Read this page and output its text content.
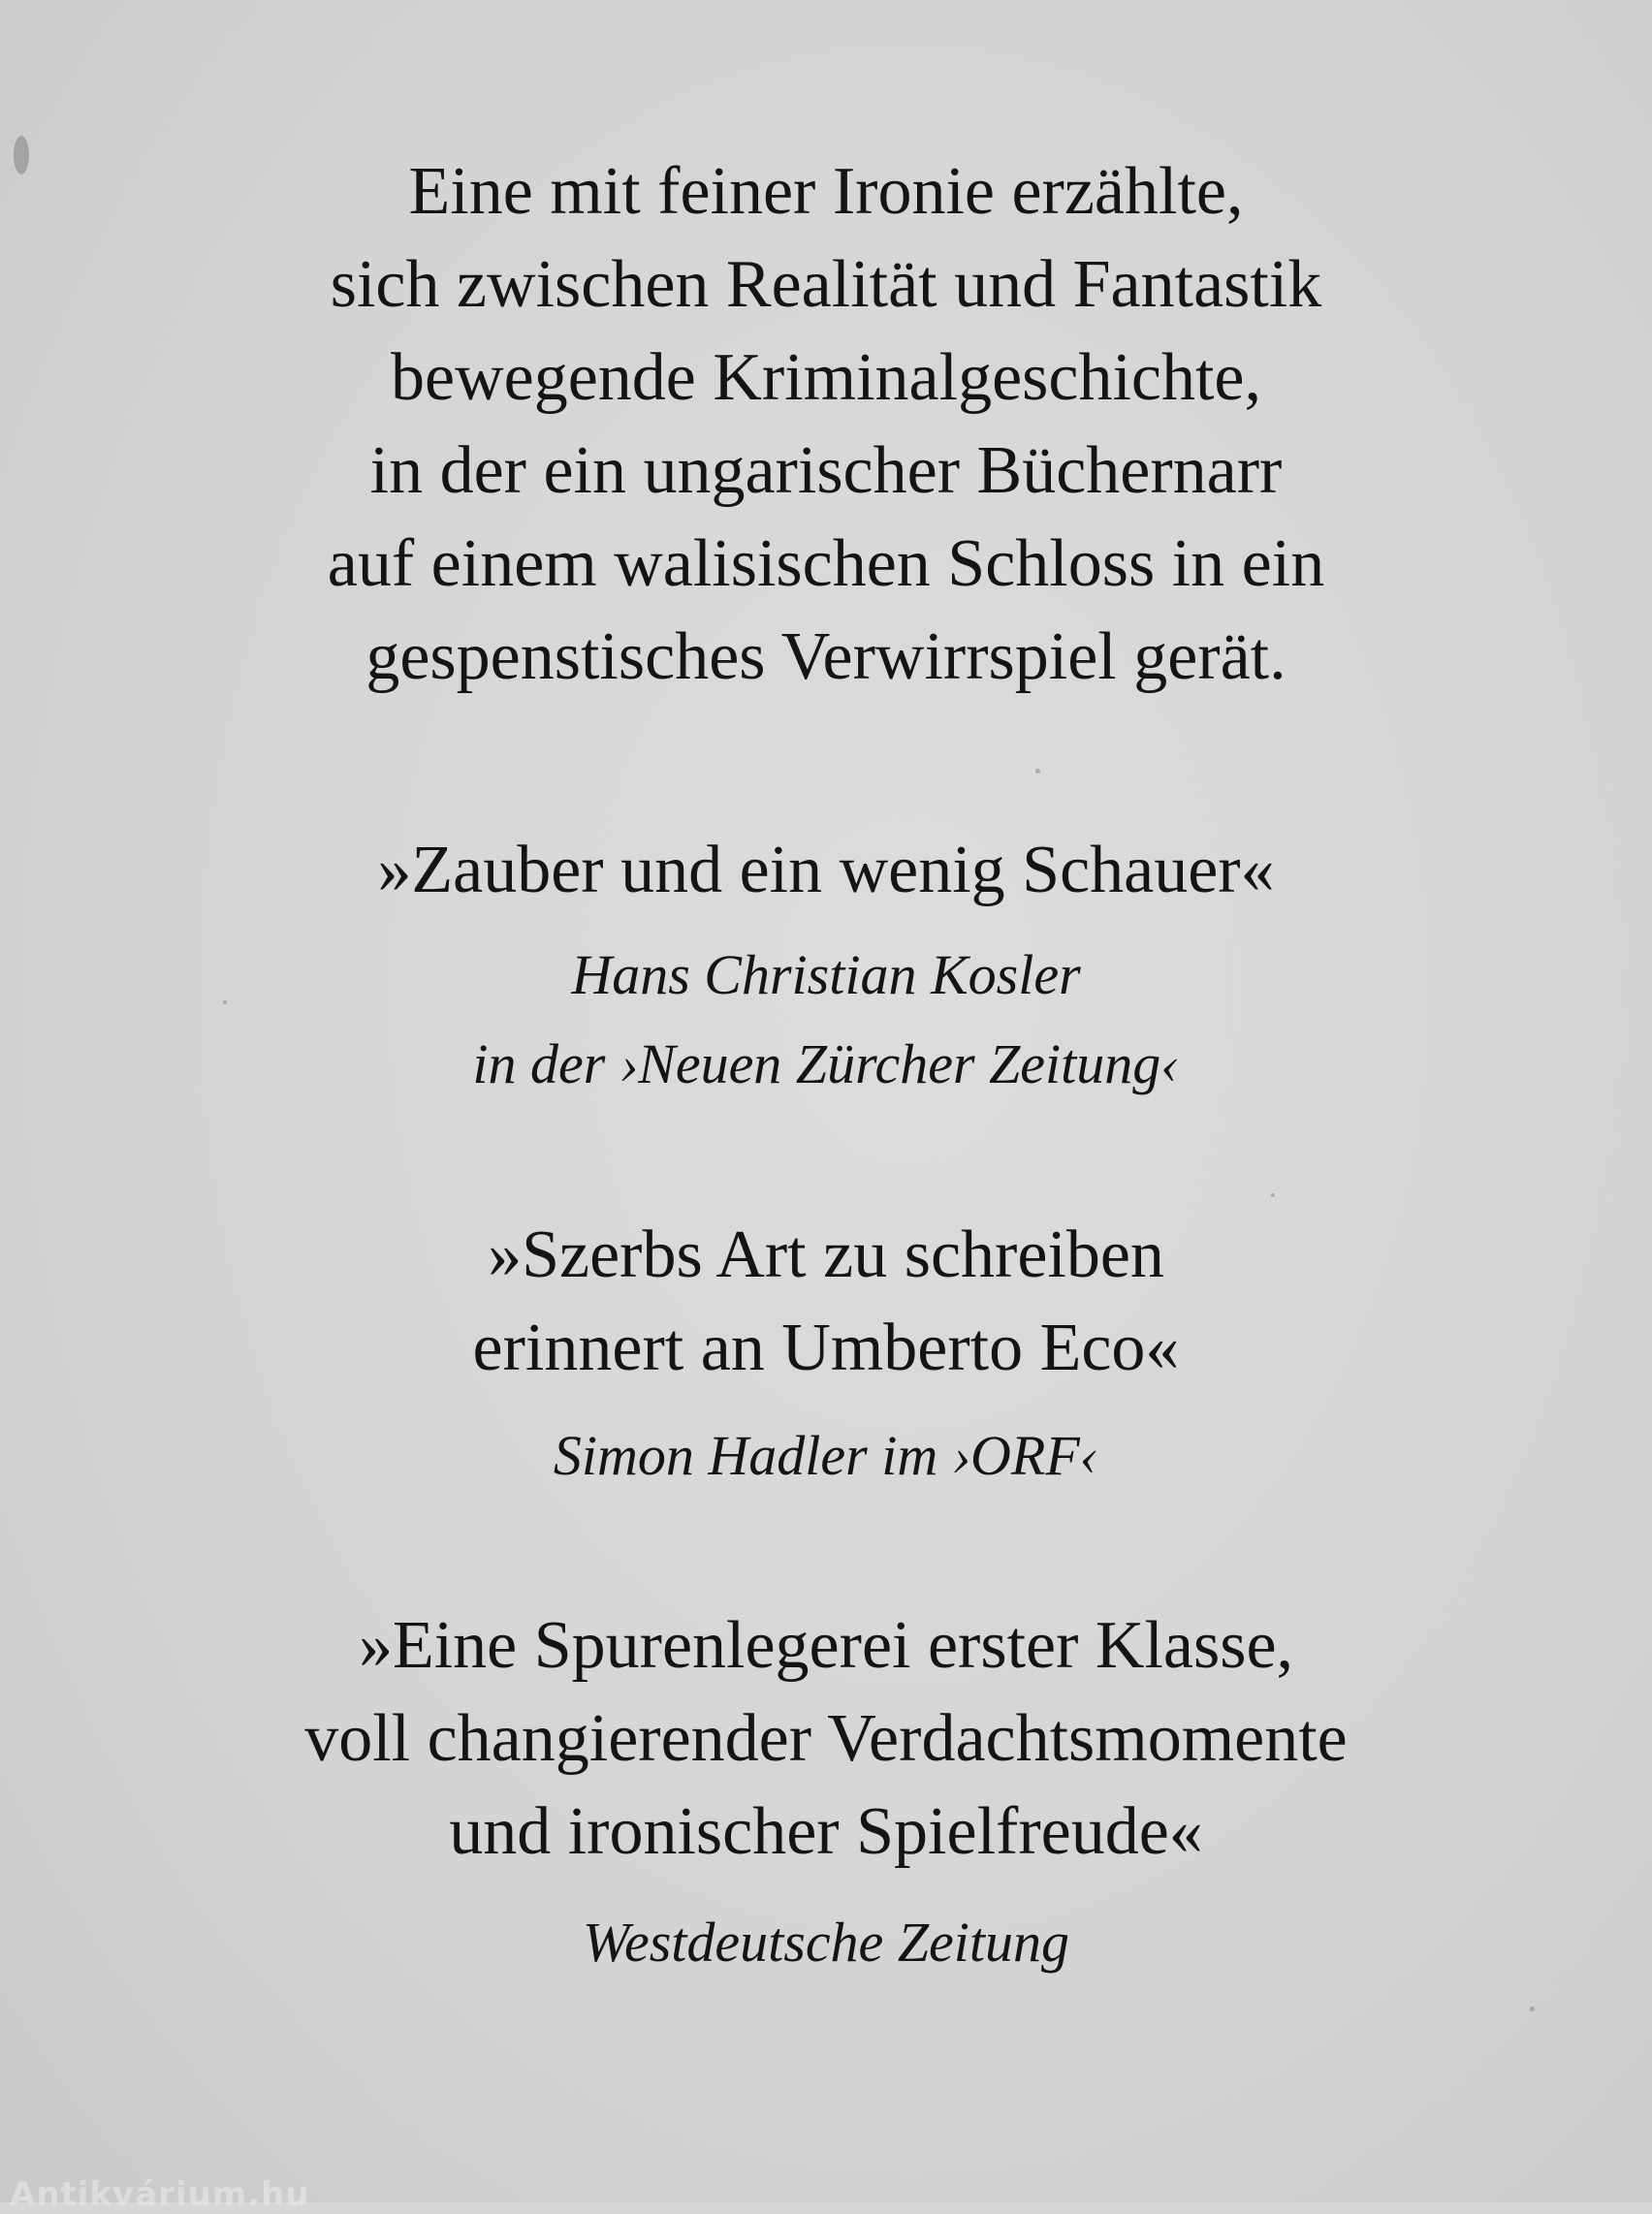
Eine mit feiner Ironie erzählte,
sich zwischen Realität und Fantastik
bewegende Kriminalgeschichte,
in der ein ungarischer Büchernarr
auf einem walisischen Schloss in ein
gespenstisches Verwirrspiel gerät.
»Zauber und ein wenig Schauer«
Hans Christian Kosler
in der ›Neuen Zürcher Zeitung‹
»Szerbs Art zu schreiben
erinnert an Umberto Eco«
Simon Hadler im ›ORF‹
»Eine Spurenlegerei erster Klasse,
voll changierender Verdachtsmomente
und ironischer Spielfreude«
Westdeutsche Zeitung
Antikvárium.hu
